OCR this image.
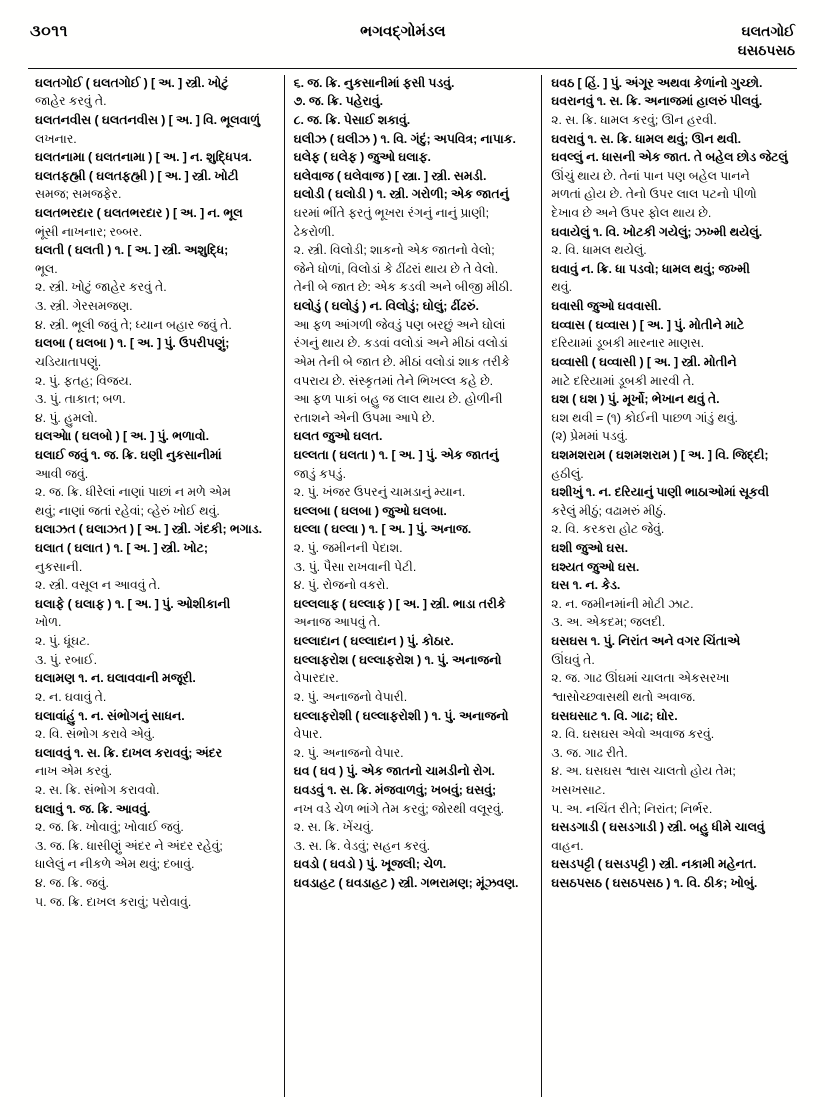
૩૦૧૧	ભગવદ્ગોમંડલ	ઘલતગોઈ
ઘસઠપસઠ
ઘલતગોઈ ( ઘલતગોઈ ) [ અ. ] સ્ત્રી. ખોટું
જાહેર કરવું તે.
ઘલતનવીસ ( ઘલતનવીસ ) [ અ. ] વિ. ભૂલવાળું
લખનાર.
ઘલતનામા ( ઘલતનામા ) [ અ. ] ન. શુદ્ધિપત્ર.
ઘલતફહ્મી ( ઘલતફહ્મી ) [ અ. ] સ્ત્રી. ખોટી
સમજ; સમજફેર.
ઘલતભરદાર ( ઘલતભરદાર ) [ અ. ] ન. ભૂલ
ભૂંસી નાખનાર; રબ્બર.
ઘલતી ( ઘલતી ) ૧. [ અ. ] સ્ત્રી. અશુદ્ધિ;
ભૂલ.
૨. સ્ત્રી. ખોટું જાહેર કરવું તે.
૩. સ્ત્રી. ગેરસમજણ.
૪. સ્ત્રી. ભૂલી જવું તે; ધ્યાન બહાર જવું તે.
ઘલબા ( ઘલબા ) ૧. [ અ. ] પું. ઉપરીપણું;
ચડિયાતાપણું.
૨. પું. ફતહ; વિજય.
૩. પું. તાકાત; બળ.
૪. પું. હુમલો.
ઘલઆેા ( ઘલબો ) [ અ. ] પું. ભળાવો.
ઘલાઈ જવું ૧. જ. ક્રિ. ઘણી નુકસાનીમાં
આવી જવું.
૨. જ. ક્રિ. ધીરેલાં નાણાં પાછાં ન મળે એમ
થવું; નાણાં જતાં રહેવાં; વ્હેરું ખોઈ થવું.
ઘલાઝત ( ઘલાઝત ) [ અ. ] સ્ત્રી. ગંદકી; ભગાડ.
ઘલાત ( ઘલાત ) ૧. [ અ. ] સ્ત્રી. ખોટ;
નુકસાની.
૨. સ્ત્રી. વસૂલ ન આવવું તે.
ઘલાફે ( ઘલાફ ) ૧. [ અ. ] પું. ઓશીકાની
ખોળ.
૨. પું. ધૂંઘટ.
૩. પું. રબાઈ.
ઘલામણ ૧. ન. ઘલાવવાની મજૂરી.
૨. ન. ઘવાવું તે.
ઘલાવાંહું ૧. ન. સંભોગનું સાધન.
૨. વિ. સંભોગ કરાવે એવું.
ઘલાવવું ૧. સ. ક્રિ. દાખલ કરાવવું; અંદર
નાખ એમ કરવું.
૨. સ. ક્રિ. સંભોગ કરાવવો.
ઘલાવું ૧. જ. ક્રિ. આવવું.
૨. જ. ક્રિ. ખોવાવું; ખોવાઈ જવું.
૩. જ. ક્રિ. ધાસીણું અંદર ને અંદર રહેવું;
ધાલેલું ન નીકળે એમ થવું; દબાવું.
૪. જ. ક્રિ. જવું.
૫. જ. ક્રિ. દાખલ કરાવું; પરોવાવું.
૬. જ. ક્રિ. નુકસાનીમાં ફસી પડવું.
૭. જ. ક્રિ. પહેરાવું.
૮. જ. ક્રિ. પેસાઈ શકાવું.
ઘલીઝ ( ઘલીઝ ) ૧. વિ. ગંદું; અપવિત્ર; નાપાક.
ઘલેફ ( ઘલેફ ) જુઓ ઘલાફ.
ઘલેવાજ ( ઘલેવાજ ) [ સ્ત્રા. ] સ્ત્રી. સમડી.
ઘલોડી ( ઘલોડી ) ૧. સ્ત્રી. ગરોળી; એક જાતનું
ઘરમાં ભીંતે ફરતું ભૂખરા રંગનું નાનું પ્રાણી;
ઢેકરોળી.
૨. સ્ત્રી. વિલોડી; શાકનો એક જાતનો વેલો;
જેને ધોળાં, વિલોડાં કે ઢીંઢરાં થાય છે તે વેલો.
તેની બે જાત છે: એક કડવી અને બીજી મીઠી.
ઘલોડું ( ઘલોડું ) ન. વિલોડું; ઘોલું; ઢીંઢરું.
આ ફળ આંગળી જેવડું પણ બરછું અને ઘોલાં
રંગનું થાય છે. કડવાં વલોડાં અને મીઠાં વલોડાં
એમ તેની બે જાત છે. મીઠાં વલોડાં શાક તરીકે
વપરાય છે. સંસ્કૃતમાં તેને ભિખલ્લ કહે છે.
આ ફળ પાકાં બહુ જ લાલ થાય છે. હોળીની
રતાશને એની ઉપમા આપે છે.
ઘલત જુઓ ઘલત.
ઘલ્લતા ( ઘલતા ) ૧. [ અ. ] પું. એક જાતનું
જાડું કપડું.
૨. પું. ખંજર ઉપરનું ચામડાનું મ્યાન.
ઘલ્લબા ( ઘલબા ) જુઓ ઘલબા.
ઘલ્લા ( ઘલ્લા ) ૧. [ અ. ] પું. અનાજ.
૨. પું. જમીનની પેદાશ.
૩. પું. પૈસા રાખવાની પેટી.
૪. પું. રોજનો વકરો.
ઘલ્લલાફ ( ઘલ્લાફ ) [ અ. ] સ્ત્રી. ભાડા તરીકે
અનાજ આપવું તે.
ઘલ્લાદાન ( ઘલ્લાદાન ) પું. કોઠાર.
ઘલ્લાફરોશ ( ઘલ્લાફરોશ ) ૧. પું. અનાજનો
વેપારદાર.
૨. પું. અનાજનો વેપારી.
ઘલ્લાફરોશી ( ઘલ્લાફરોશી ) ૧. પું. અનાજનો
વેપાર.
૨. પું. અનાજનો વેપાર.
ઘવ ( ઘવ ) પું. એક જાતનો ચામડીનો રોગ.
ઘવડવું ૧. સ. ક્રિ. મંજવાળવું; ખબવું; ઘસવું;
નખ વડે ચેળ ભાંગે તેમ કરવું; જોરથી વલૂરવું.
૨. સ. ક્રિ. ખેંચવું.
૩. સ. ક્રિ. વેડવું; સહન કરવું.
ઘવડો ( ઘવડો ) પું. ખૂજલી; ચેળ.
ઘવડાહટ ( ઘવડાહટ ) સ્ત્રી. ગભરામણ; મૂંઝવણ.
ઘવઠ [ હિં. ] પું. અંગૂર અથવા કેળાંનો ગુચ્છો.
ઘવરાનવું ૧. સ. ક્રિ. અનાજમાં હાલરું પીલવું.
૨. સ. ક્રિ. ધામલ કરવું; ઊન હરવી.
ઘવરાવું ૧. સ. ક્રિ. ધામલ થવું; ઊન થવી.
ઘવલ્લું ન. ધાસની એક જાત. તે બહેલ છોડ જેટલું
ઊંચું થાય છે. તેનાં પાન પણ બહેલ પાનને
મળતાં હોય છે. તેનો ઉપર લાલ પટનો પીળો
દેખાવ છે અને ઉપર ફોલ થાય છે.
ઘવાયેલું ૧. વિ. ખોટકી ગયેલું; ઝખ્મી થયેલું.
૨. વિ. ધામલ થયેલું.
ઘવાવું ન. ક્રિ. ધા પડવો; ધામલ થવું; જખ્મી
થવું.
ઘવાસી જુઓ ઘવવાસી.
ઘવ્વાસ ( ઘવ્વાસ ) [ અ. ] પું. મોતીને માટે
દરિયામાં ડૂબકી મારનાર માણસ.
ઘવ્વાસી ( ઘવ્વાસી ) [ અ. ] સ્ત્રી. મોતીને
માટે દરિયામાં ડૂબકી મારવી તે.
ઘશ ( ઘશ ) પું. મૂર્ખો; ભેખાન થવું તે.
ઘશ થવી = (૧) કોઈની પાછળ ગાંડું થવું.
(૨) પ્રેમમાં પડવું.
ઘશમશરામ ( ઘશમશરામ ) [ અ. ] વિ. જિદ્દી;
હઠીલું.
ઘશીખું ૧. ન. દરિયાનું પાણી ભાઠાઓમાં સૂકવી
કરેલું મીઠું; વઢામરું મીઠું.
૨. વિ. કરકરા હોટ જેવું.
ઘશી જુઓ ઘસ.
ઘશ્યત જુઓ ઘસ.
ઘસ ૧. ન. કેડ.
૨. ન. જમીનમાંની મોટી ઝાટ.
૩. અ. એકદમ; જલદી.
ઘસઘસ ૧. પું. નિરાંત અને વગર ચિંતાએ
ઊંઘવું તે.
૨. જ. ગાઢ ઊંઘમાં ચાલતા એકસરખા
શ્વાસોચ્છ્વાસથી થતો અવાજ.
ઘસઘસાટ ૧. વિ. ગાઢ; ઘોર.
૨. વિ. ઘસઘસ એવો અવાજ કરવું.
૩. જ. ગાઢ રીતે.
૪. અ. ઘસઘસ શ્વાસ ચાલતો હોય તેમ;
ખસખસાટ.
૫. અ. નચિંત રીતે; નિરાંત; નિર્ભર.
ઘસડગાડી ( ઘસડગાડી ) સ્ત્રી. બહુ ધીમે ચાલવું
વાહન.
ઘસડપટ્ટી ( ઘસડપટ્ટી ) સ્ત્રી. નકામી મહેનત.
ઘસઠપસઠ ( ઘસઠપસઠ ) ૧. વિ. ઠીક; ખોબું.
